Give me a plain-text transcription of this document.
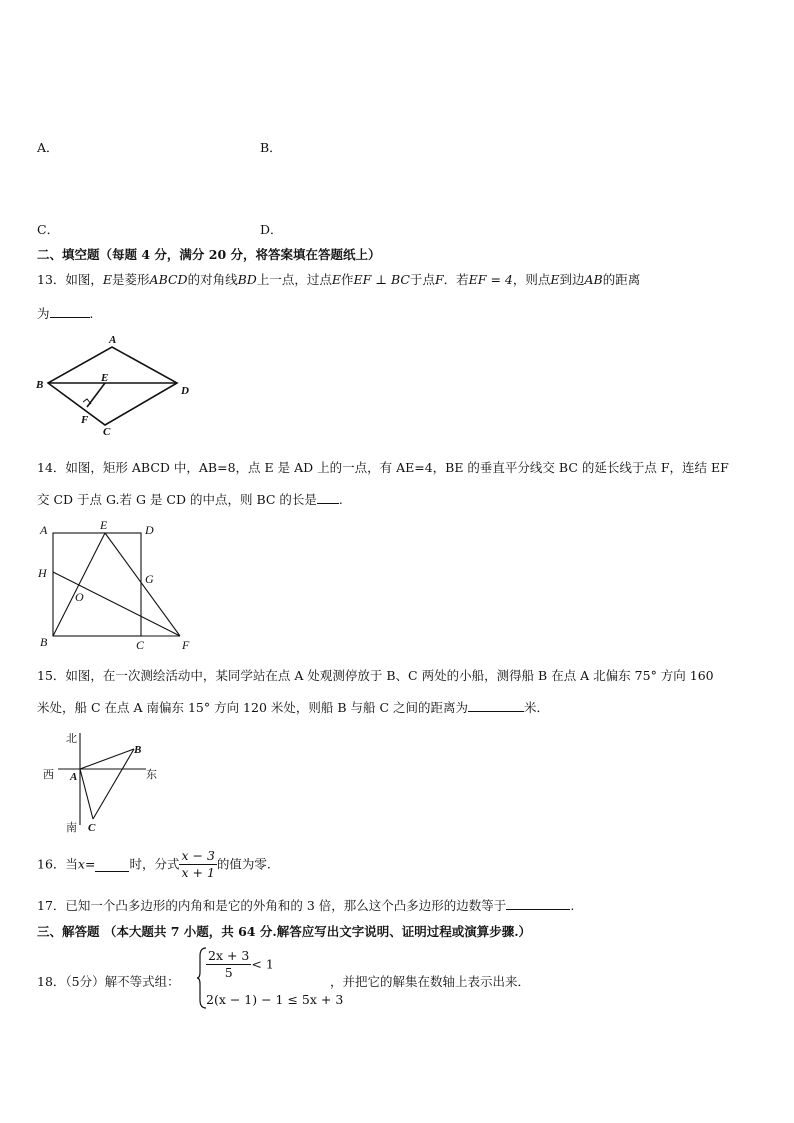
A．	B．
C．	D．
二、填空题（每题 4 分，满分 20 分，将答案填在答题纸上）
13．如图，E是菱形ABCD的对角线BD上一点，过点E作EF ⊥ BC于点F．若EF = 4，则点E到边AB的距离
为	.
A
B
C
D
E
F
14．如图，矩形 ABCD 中，AB=8，点 E 是 AD 上的一点，有 AE=4，BE 的垂直平分线交 BC 的延长线于点 F，连结 EF
交 CD 于点 G.若 G 是 CD 的中点，则 BC 的长是 .
A	E	D
H	G
O
B	C	F
15．如图，在一次测绘活动中，某同学站在点 A 处观测停放于 B、C 两处的小船，测得船 B 在点 A 北偏东 75° 方向 160
米处，船 C 在点 A 南偏东 15° 方向 120 米处，则船 B 与船 C 之间的距离为	米．
北
南
东
西 A
B
C
16．当x=	时，分式 $\frac{x - 3}{x + 1}$ 的值为零.
17．已知一个凸多边形的内角和是它的外角和的 3 倍，那么这个凸多边形的边数等于	.
三、解答题 （本大题共 7 小题，共 64 分.解答应写出文字说明、证明过程或演算步骤.）
18．（5分）解不等式组：
$\frac{2x + 3}{5} < 1$
2(x − 1) − 1 ≤ 5x + 3
，并把它的解集在数轴上表示出来．
